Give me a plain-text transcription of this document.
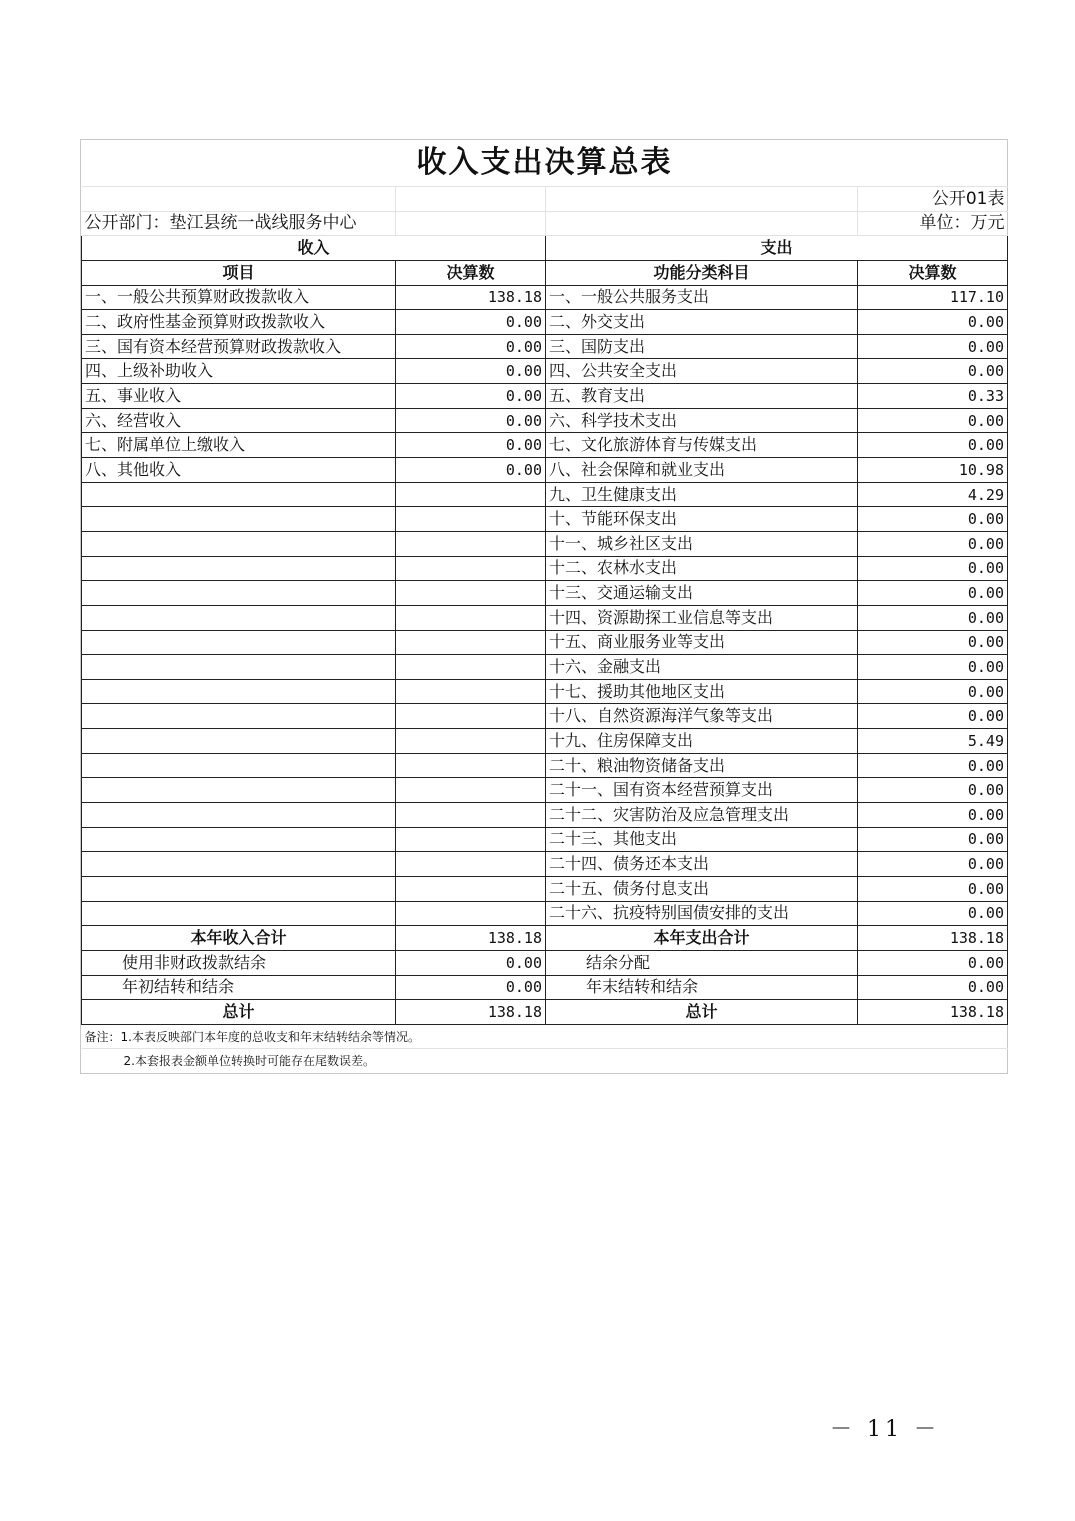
收入支出决算总表			
			公开01表
公开部门：垫江县统一战线服务中心			单位：万元
收入		支出	
项目	决算数	功能分类科目	决算数
一、一般公共预算财政拨款收入	138.18	一、一般公共服务支出	117.10
二、政府性基金预算财政拨款收入	0.00	二、外交支出	0.00
三、国有资本经营预算财政拨款收入	0.00	三、国防支出	0.00
四、上级补助收入	0.00	四、公共安全支出	0.00
五、事业收入	0.00	五、教育支出	0.33
六、经营收入	0.00	六、科学技术支出	0.00
七、附属单位上缴收入	0.00	七、文化旅游体育与传媒支出	0.00
八、其他收入	0.00	八、社会保障和就业支出	10.98
		九、卫生健康支出	4.29
		十、节能环保支出	0.00
		十一、城乡社区支出	0.00
		十二、农林水支出	0.00
		十三、交通运输支出	0.00
		十四、资源勘探工业信息等支出	0.00
		十五、商业服务业等支出	0.00
		十六、金融支出	0.00
		十七、援助其他地区支出	0.00
		十八、自然资源海洋气象等支出	0.00
		十九、住房保障支出	5.49
		二十、粮油物资储备支出	0.00
		二十一、国有资本经营预算支出	0.00
		二十二、灾害防治及应急管理支出	0.00
		二十三、其他支出	0.00
		二十四、债务还本支出	0.00
		二十五、债务付息支出	0.00
		二十六、抗疫特别国债安排的支出	0.00
本年收入合计	138.18	本年支出合计	138.18
使用非财政拨款结余	0.00	结余分配	0.00
年初结转和结余	0.00	年末结转和结余	0.00
总计	138.18	总计	138.18
备注：1.本表反映部门本年度的总收支和年末结转结余等情况。			
2.本套报表金额单位转换时可能存在尾数误差。			
－ 11 －
